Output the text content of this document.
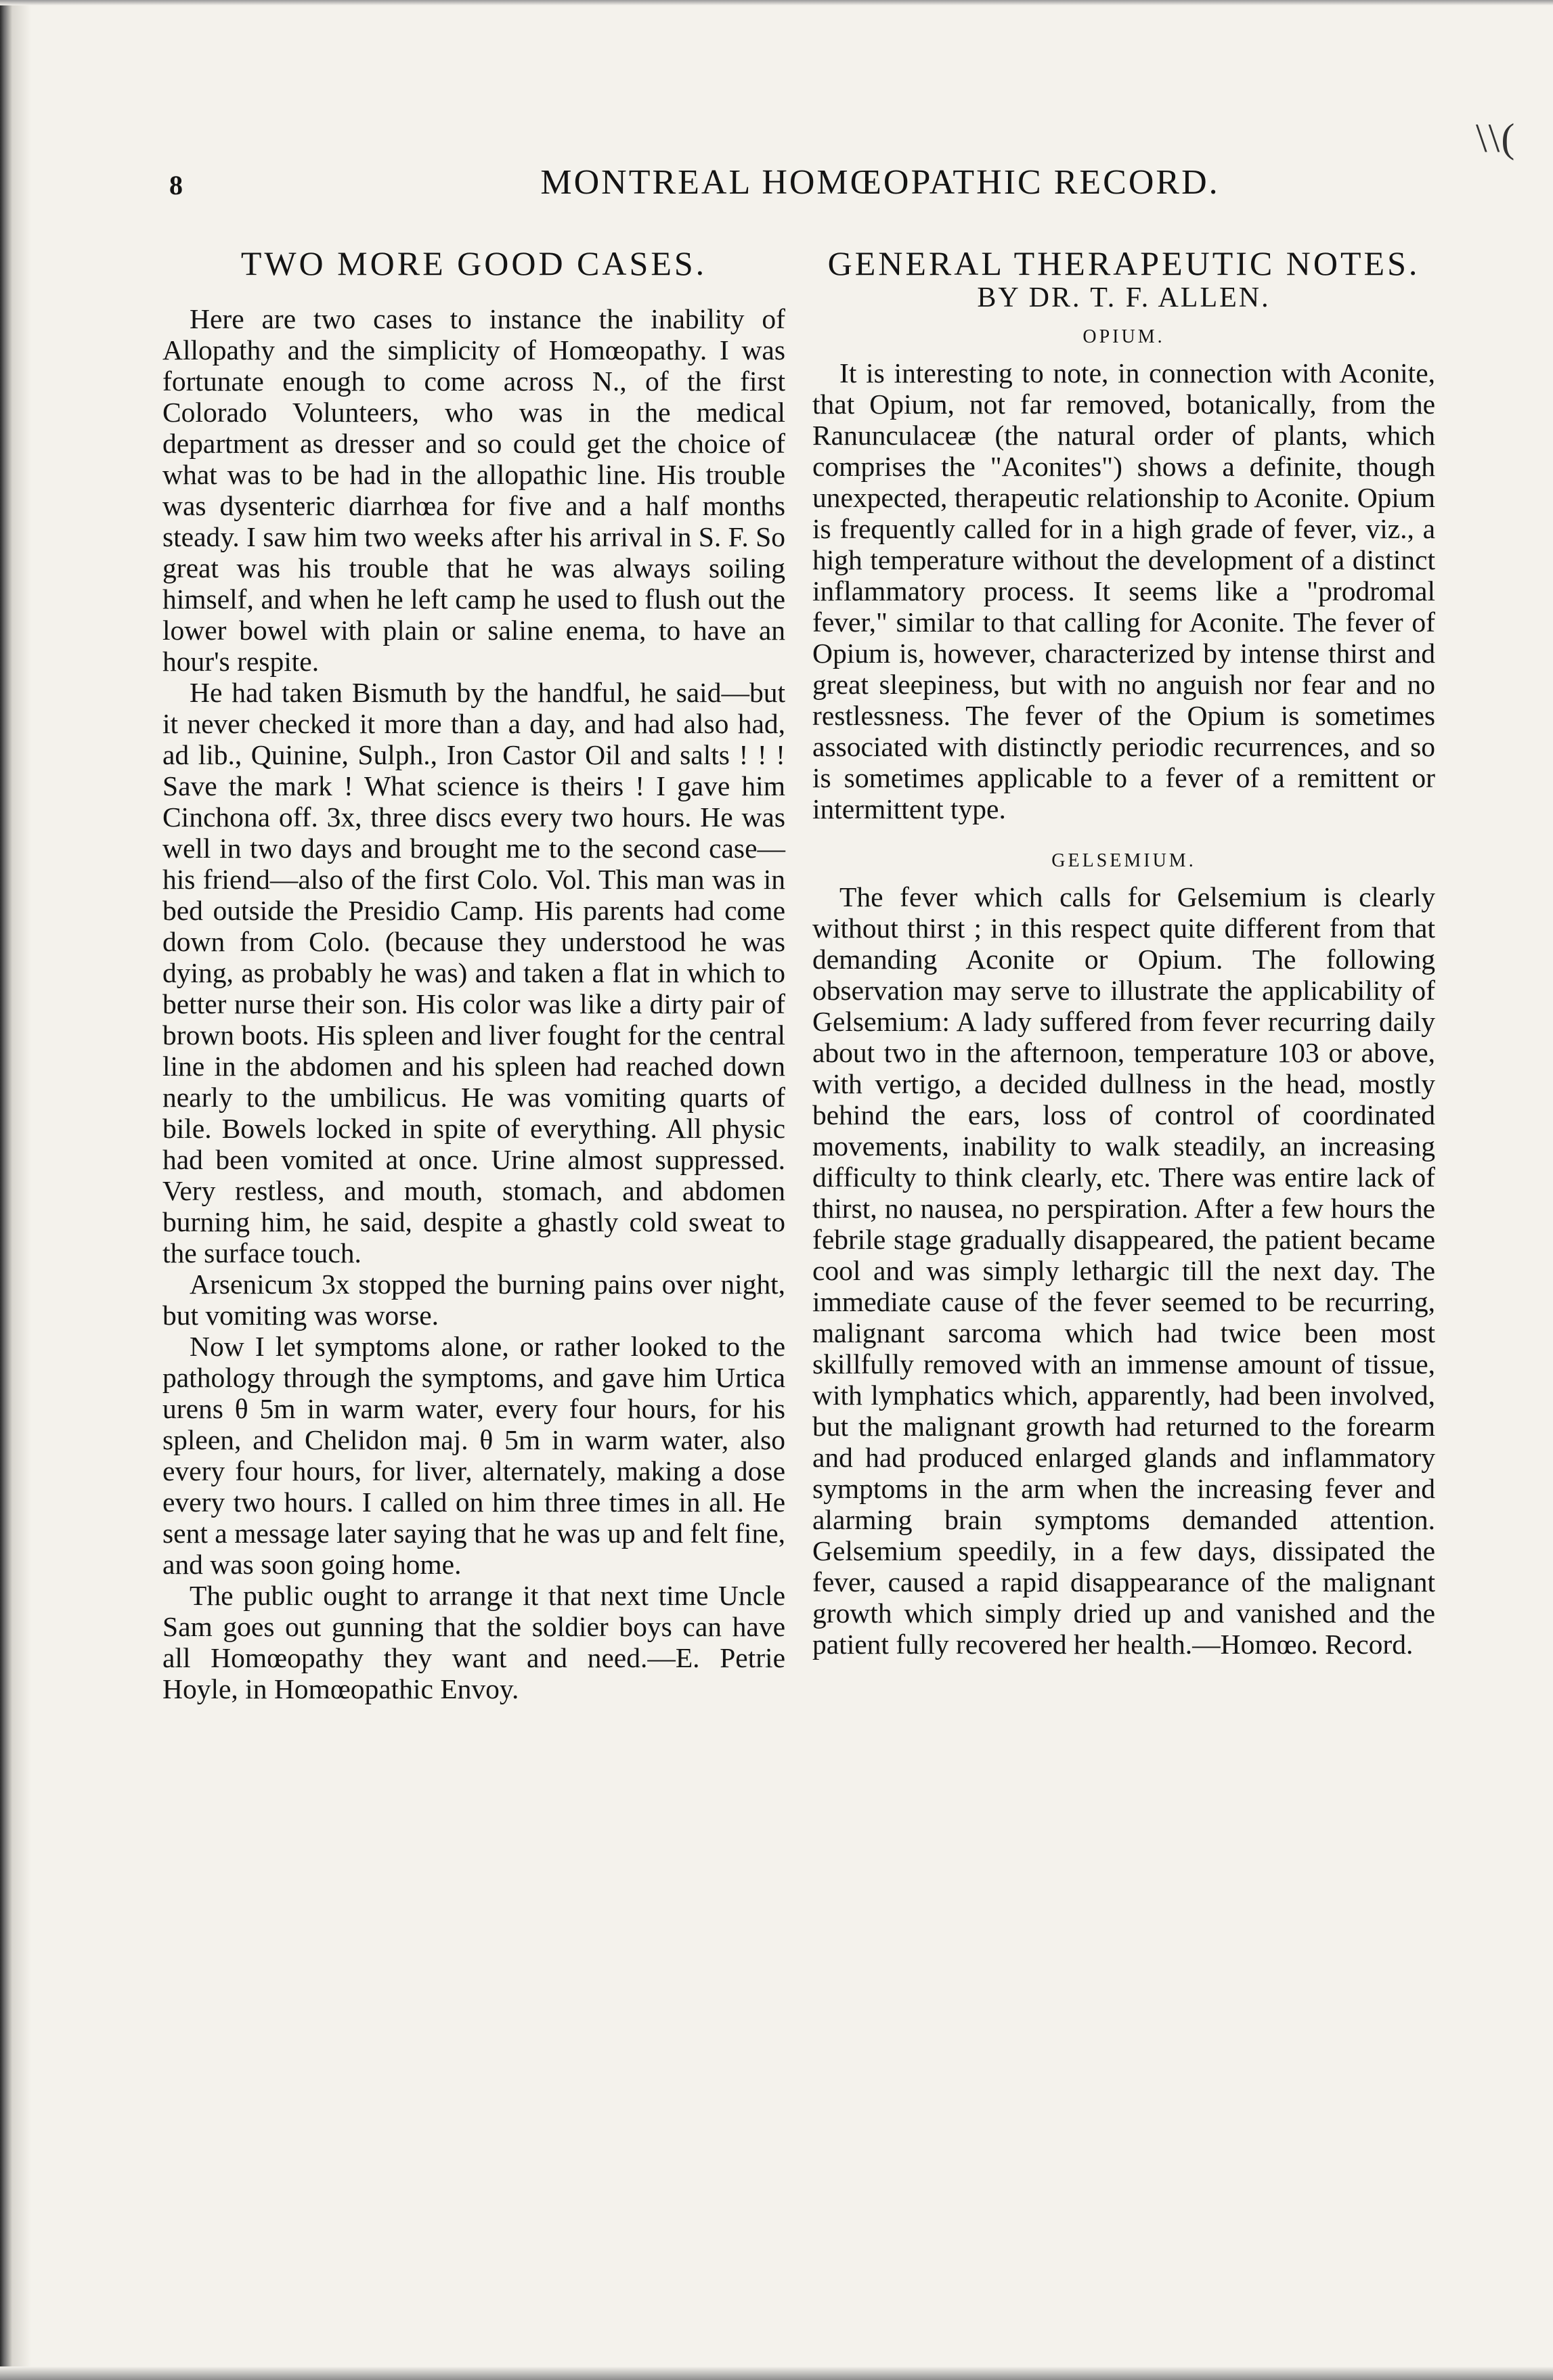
\\(
8	MONTREAL HOMŒOPATHIC RECORD.
TWO MORE GOOD CASES.

Here are two cases to instance the inability of Allopathy and the simplicity of Homœopathy. I was fortunate enough to come across N., of the first Colorado Volunteers, who was in the medical department as dresser and so could get the choice of what was to be had in the allopathic line. His trouble was dysenteric diarrhœa for five and a half months steady. I saw him two weeks after his arrival in S. F. So great was his trouble that he was always soiling himself, and when he left camp he used to flush out the lower bowel with plain or saline enema, to have an hour's respite.

He had taken Bismuth by the handful, he said—but it never checked it more than a day, and had also had, ad lib., Quinine, Sulph., Iron Castor Oil and salts ! ! ! Save the mark ! What science is theirs ! I gave him Cinchona off. 3x, three discs every two hours. He was well in two days and brought me to the second case—his friend—also of the first Colo. Vol. This man was in bed outside the Presidio Camp. His parents had come down from Colo. (because they understood he was dying, as probably he was) and taken a flat in which to better nurse their son. His color was like a dirty pair of brown boots. His spleen and liver fought for the central line in the abdomen and his spleen had reached down nearly to the umbilicus. He was vomiting quarts of bile. Bowels locked in spite of everything. All physic had been vomited at once. Urine almost suppressed. Very restless, and mouth, stomach, and abdomen burning him, he said, despite a ghastly cold sweat to the surface touch.

Arsenicum 3x stopped the burning pains over night, but vomiting was worse.

Now I let symptoms alone, or rather looked to the pathology through the symptoms, and gave him Urtica urens θ 5m in warm water, every four hours, for his spleen, and Chelidon maj. θ 5m in warm water, also every four hours, for liver, alternately, making a dose every two hours. I called on him three times in all. He sent a message later saying that he was up and felt fine, and was soon going home.

The public ought to arrange it that next time Uncle Sam goes out gunning that the soldier boys can have all Homœopathy they want and need.—E. Petrie Hoyle, in Homœopathic Envoy.

GENERAL THERAPEUTIC NOTES.
BY DR. T. F. ALLEN.
OPIUM.

It is interesting to note, in connection with Aconite, that Opium, not far removed, botanically, from the Ranunculaceæ (the natural order of plants, which comprises the "Aconites") shows a definite, though unexpected, therapeutic relationship to Aconite. Opium is frequently called for in a high grade of fever, viz., a high temperature without the development of a distinct inflammatory process. It seems like a "prodromal fever," similar to that calling for Aconite. The fever of Opium is, however, characterized by intense thirst and great sleepiness, but with no anguish nor fear and no restlessness. The fever of the Opium is sometimes associated with distinctly periodic recurrences, and so is sometimes applicable to a fever of a remittent or intermittent type.

GELSEMIUM.

The fever which calls for Gelsemium is clearly without thirst ; in this respect quite different from that demanding Aconite or Opium. The following observation may serve to illustrate the applicability of Gelsemium: A lady suffered from fever recurring daily about two in the afternoon, temperature 103 or above, with vertigo, a decided dullness in the head, mostly behind the ears, loss of control of coordinated movements, inability to walk steadily, an increasing difficulty to think clearly, etc. There was entire lack of thirst, no nausea, no perspiration. After a few hours the febrile stage gradually disappeared, the patient became cool and was simply lethargic till the next day. The immediate cause of the fever seemed to be recurring, malignant sarcoma which had twice been most skillfully removed with an immense amount of tissue, with lymphatics which, apparently, had been involved, but the malignant growth had returned to the forearm and had produced enlarged glands and inflammatory symptoms in the arm when the increasing fever and alarming brain symptoms demanded attention. Gelsemium speedily, in a few days, dissipated the fever, caused a rapid disappearance of the malignant growth which simply dried up and vanished and the patient fully recovered her health.—Homœo. Record.
